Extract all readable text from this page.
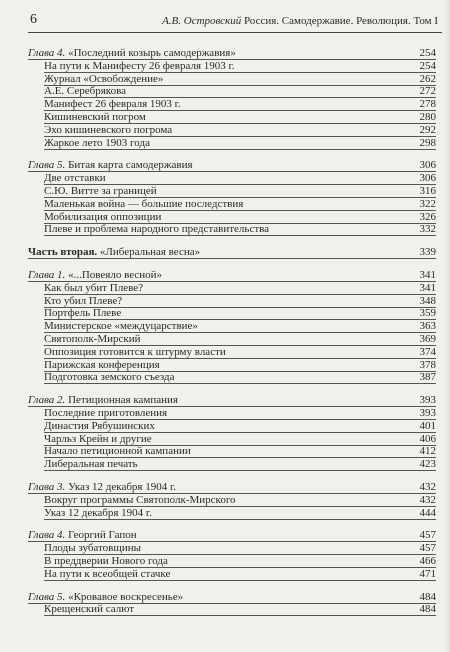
6	А.В. Островский Россия. Самодержавие. Революция. Том I
Глава 4. «Последний козырь самодержавия»	254
На пути к Манифесту 26 февраля 1903 г.	254
Журнал «Освобождение»	262
А.Е. Серебрякова	272
Манифест 26 февраля 1903 г.	278
Кишиневский погром	280
Эхо кишиневского погрома	292
Жаркое лето 1903 года	298
Глава 5. Битая карта самодержавия	306
Две отставки	306
С.Ю. Витте за границей	316
Маленькая война — большие последствия	322
Мобилизация оппозиции	326
Плеве и проблема народного представительства	332
Часть вторая. «Либеральная весна»	339
Глава 1. «...Повеяло весной»	341
Как был убит Плеве?	341
Кто убил Плеве?	348
Портфель Плеве	359
Министерское «междуцарствие»	363
Святополк-Мирский	369
Оппозиция готовится к штурму власти	374
Парижская конференция	378
Подготовка земского съезда	387
Глава 2. Петиционная кампания	393
Последние приготовления	393
Династия Рябушинских	401
Чарльз Крейн и другие	406
Начало петиционной кампании	412
Либеральная печать	423
Глава 3. Указ 12 декабря 1904 г.	432
Вокруг программы Святополк-Мирского	432
Указ 12 декабря 1904 г.	444
Глава 4. Георгий Гапон	457
Плоды зубатовщины	457
В преддверии Нового года	466
На пути к всеобщей стачке	471
Глава 5. «Кровавое воскресенье»	484
Крещенский салют	484
